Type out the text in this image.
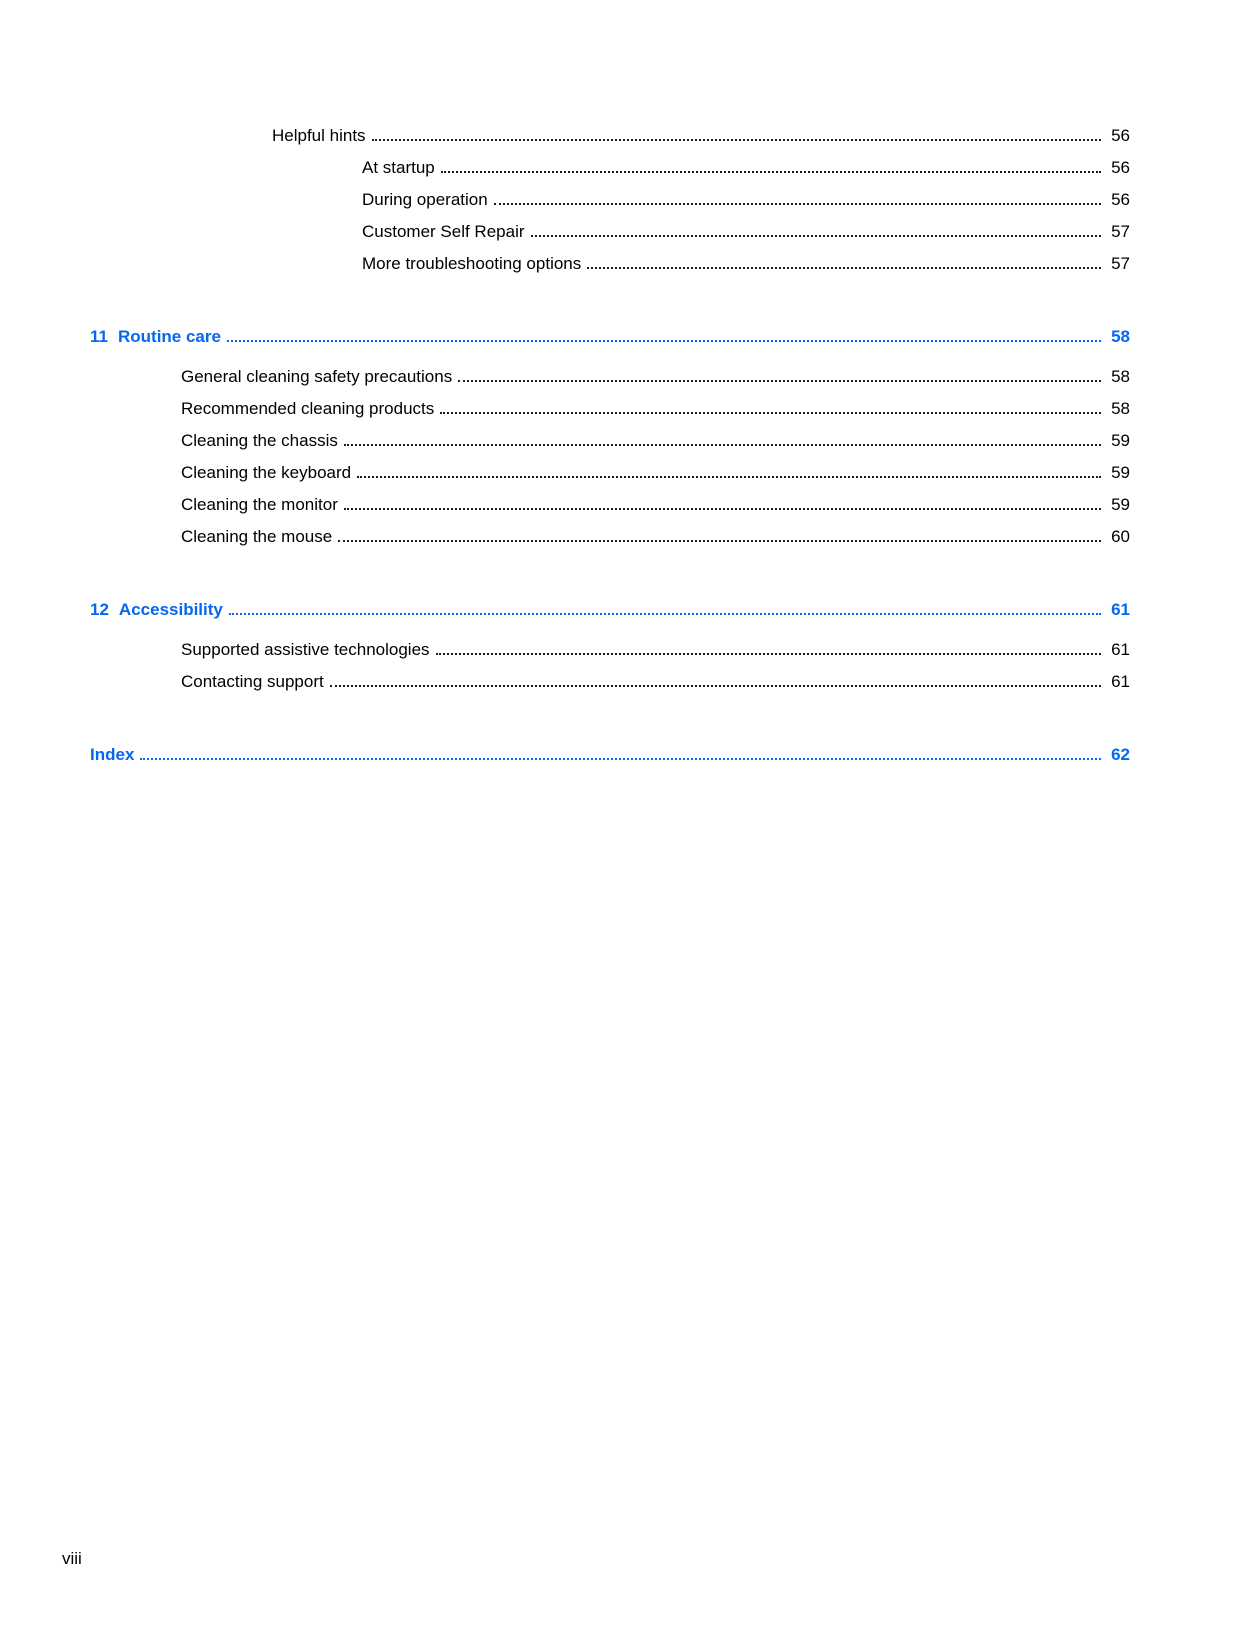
Helpful hints	56
At startup	56
During operation	56
Customer Self Repair	57
More troubleshooting options	57
11 Routine care	58
General cleaning safety precautions	58
Recommended cleaning products	58
Cleaning the chassis	59
Cleaning the keyboard	59
Cleaning the monitor	59
Cleaning the mouse	60
12 Accessibility	61
Supported assistive technologies	61
Contacting support	61
Index	62
viii
